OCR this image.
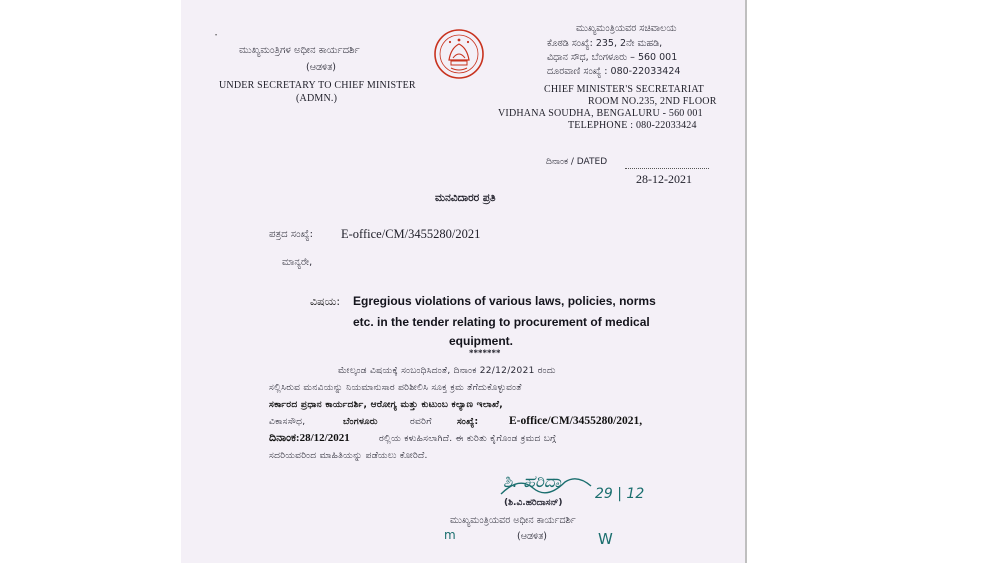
•
ಮುಖ್ಯಮಂತ್ರಿಗಳ ಅಧೀನ ಕಾರ್ಯದರ್ಶಿ
(ಆಡಳಿತ)
UNDER SECRETARY TO CHIEF MINISTER
(ADMN.)
ಮುಖ್ಯಮಂತ್ರಿಯವರ ಸಚಿವಾಲಯ
ಕೊಠಡಿ ಸಂಖ್ಯೆ: 235, 2ನೇ ಮಹಡಿ,
ವಿಧಾನ ಸೌಧ, ಬೆಂಗಳೂರು – 560 001
ದೂರವಾಣಿ ಸಂಖ್ಯೆ : 080-22033424
CHIEF MINISTER'S SECRETARIAT
ROOM NO.235, 2ND FLOOR
VIDHANA SOUDHA, BENGALURU - 560 001
TELEPHONE : 080-22033424
ದಿನಾಂಕ / DATED
28-12-2021
ಮನವಿದಾರರ ಪ್ರತಿ
ಪತ್ರದ ಸಂಖ್ಯೆ: E-office/CM/3455280/2021
ಮಾನ್ಯರೇ,
ವಿಷಯ: Egregious violations of various laws, policies, norms
etc. in the tender relating to procurement of medical
equipment.
*******
ಮೇಲ್ಕಂಡ ವಿಷಯಕ್ಕೆ ಸಂಬಂಧಿಸಿದಂತೆ, ದಿನಾಂಕ 22/12/2021 ರಂದು
ಸಲ್ಲಿಸಿರುವ ಮನವಿಯನ್ನು ನಿಯಮಾನುಸಾರ ಪರಿಶೀಲಿಸಿ ಸೂಕ್ತ ಕ್ರಮ ತೆಗೆದುಕೊಳ್ಳುವಂತೆ
ಸರ್ಕಾರದ ಪ್ರಧಾನ ಕಾರ್ಯದರ್ಶಿ, ಆರೋಗ್ಯ ಮತ್ತು ಕುಟುಂಬ ಕಲ್ಯಾಣ ಇಲಾಖೆ,
ವಿಕಾಸಸೌಧ,	ಬೆಂಗಳೂರು	ರವರಿಗೆ	ಸಂಖ್ಯೆ:	E-office/CM/3455280/2021,
ದಿನಾಂಕ:28/12/2021	ರಲ್ಲಿಯ ಕಳುಹಿಸಲಾಗಿದೆ. ಈ ಕುರಿತು ಕೈಗೊಂಡ ಕ್ರಮದ ಬಗ್ಗೆ
ಸದರಿಯವರಿಂದ ಮಾಹಿತಿಯನ್ನು ಪಡೆಯಲು ಕೋರಿದೆ.
ಶಿ. ಹರಿದಾ
29 | 12
(ಶಿ.ವಿ.ಹರಿದಾಸನ್)
ಮುಖ್ಯಮಂತ್ರಿಯವರ ಅಧೀನ ಕಾರ್ಯದರ್ಶಿ
(ಆಡಳಿತ)
m	W
